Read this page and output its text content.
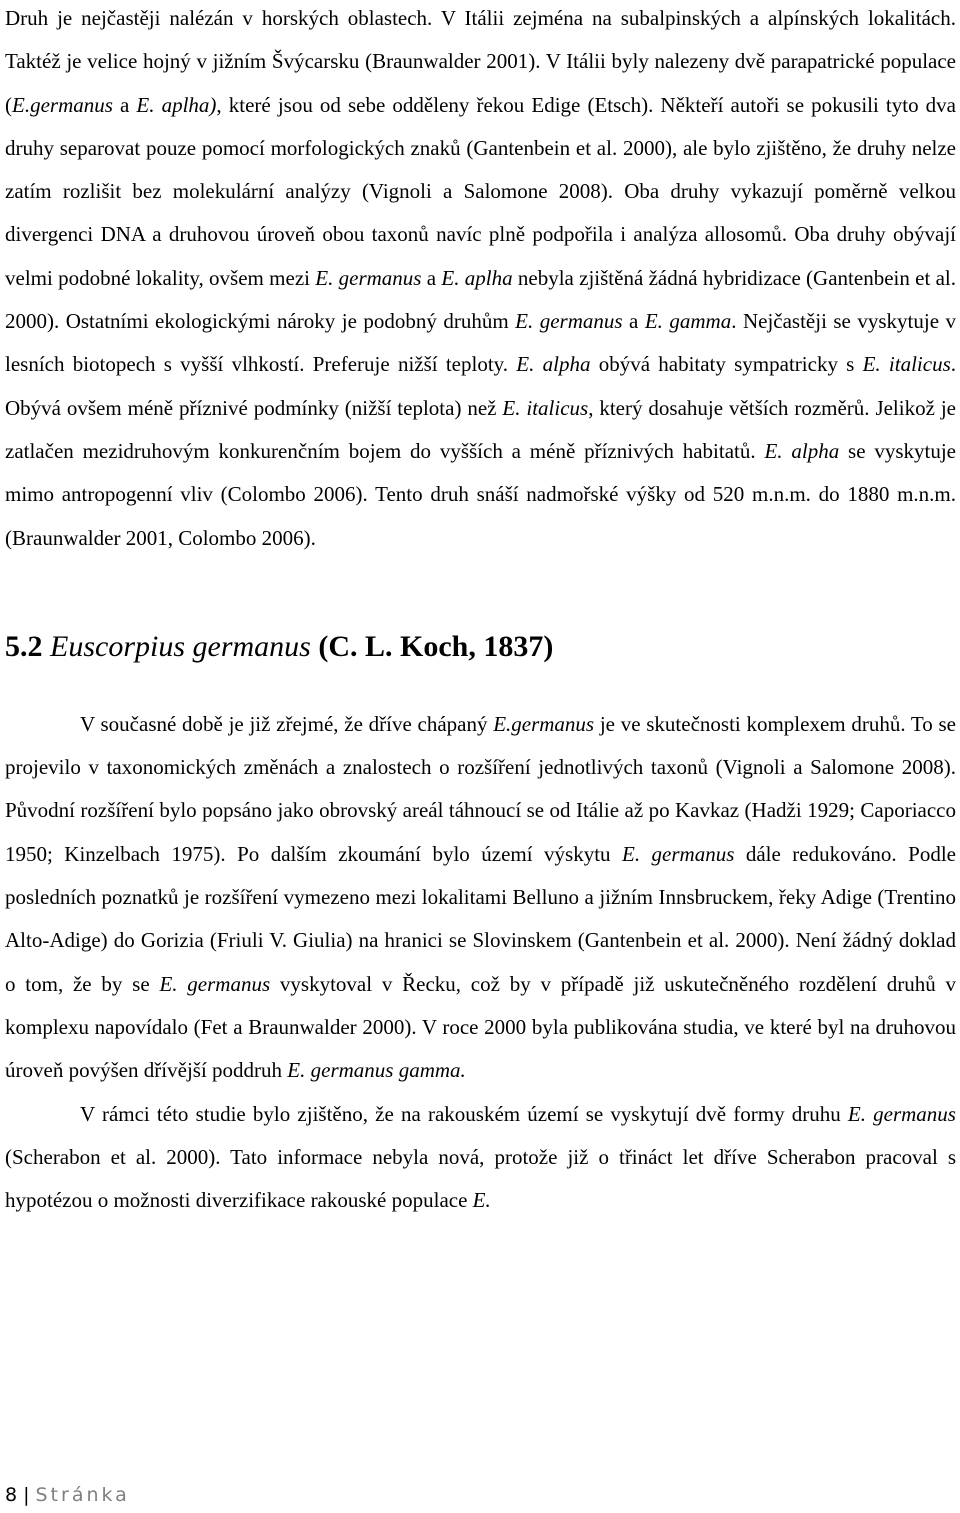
Druh je nejčastěji nalézán v horských oblastech. V Itálii zejména na subalpinských a alpínských lokalitách. Taktéž je velice hojný v jižním Švýcarsku (Braunwalder 2001). V Itálii byly nalezeny dvě parapatrické populace (E.germanus a E. aplha), které jsou od sebe odděleny řekou Edige (Etsch). Někteří autoři se pokusili tyto dva druhy separovat pouze pomocí morfologických znaků (Gantenbein et al. 2000), ale bylo zjištěno, že druhy nelze zatím rozlišit bez molekulární analýzy (Vignoli a Salomone 2008). Oba druhy vykazují poměrně velkou divergenci DNA a druhovou úroveň obou taxonů navíc plně podpořila i analýza allosomů. Oba druhy obývají velmi podobné lokality, ovšem mezi E. germanus a E. aplha nebyla zjištěná žádná hybridizace (Gantenbein et al. 2000). Ostatními ekologickými nároky je podobný druhům E. germanus a E. gamma. Nejčastěji se vyskytuje v lesních biotopech s vyšší vlhkostí. Preferuje nižší teploty. E. alpha obývá habitaty sympatricky s E. italicus. Obývá ovšem méně příznivé podmínky (nižší teplota) než E. italicus, který dosahuje větších rozměrů. Jelikož je zatlačen mezidruhovým konkurenčním bojem do vyšších a méně příznivých habitatů. E. alpha se vyskytuje mimo antropogenní vliv (Colombo 2006). Tento druh snáší nadmořské výšky od 520 m.n.m. do 1880 m.n.m. (Braunwalder 2001, Colombo 2006).

5.2 Euscorpius germanus (C. L. Koch, 1837)

V současné době je již zřejmé, že dříve chápaný E.germanus je ve skutečnosti komplexem druhů. To se projevilo v taxonomických změnách a znalostech o rozšíření jednotlivých taxonů (Vignoli a Salomone 2008). Původní rozšíření bylo popsáno jako obrovský areál táhnoucí se od Itálie až po Kavkaz (Hadži 1929; Caporiacco 1950; Kinzelbach 1975). Po dalším zkoumání bylo území výskytu E. germanus dále redukováno. Podle posledních poznatků je rozšíření vymezeno mezi lokalitami Belluno a jižním Innsbruckem, řeky Adige (Trentino Alto-Adige) do Gorizia (Friuli V. Giulia) na hranici se Slovinskem (Gantenbein et al. 2000). Není žádný doklad o tom, že by se E. germanus vyskytoval v Řecku, což by v případě již uskutečněného rozdělení druhů v komplexu napovídalo (Fet a Braunwalder 2000). V roce 2000 byla publikována studia, ve které byl na druhovou úroveň povýšen dřívější poddruh E. germanus gamma.

V rámci této studie bylo zjištěno, že na rakouském území se vyskytují dvě formy druhu E. germanus (Scherabon et al. 2000). Tato informace nebyla nová, protože již o třináct let dříve Scherabon pracoval s hypotézou o možnosti diverzifikace rakouské populace E.

8 | Stránka
